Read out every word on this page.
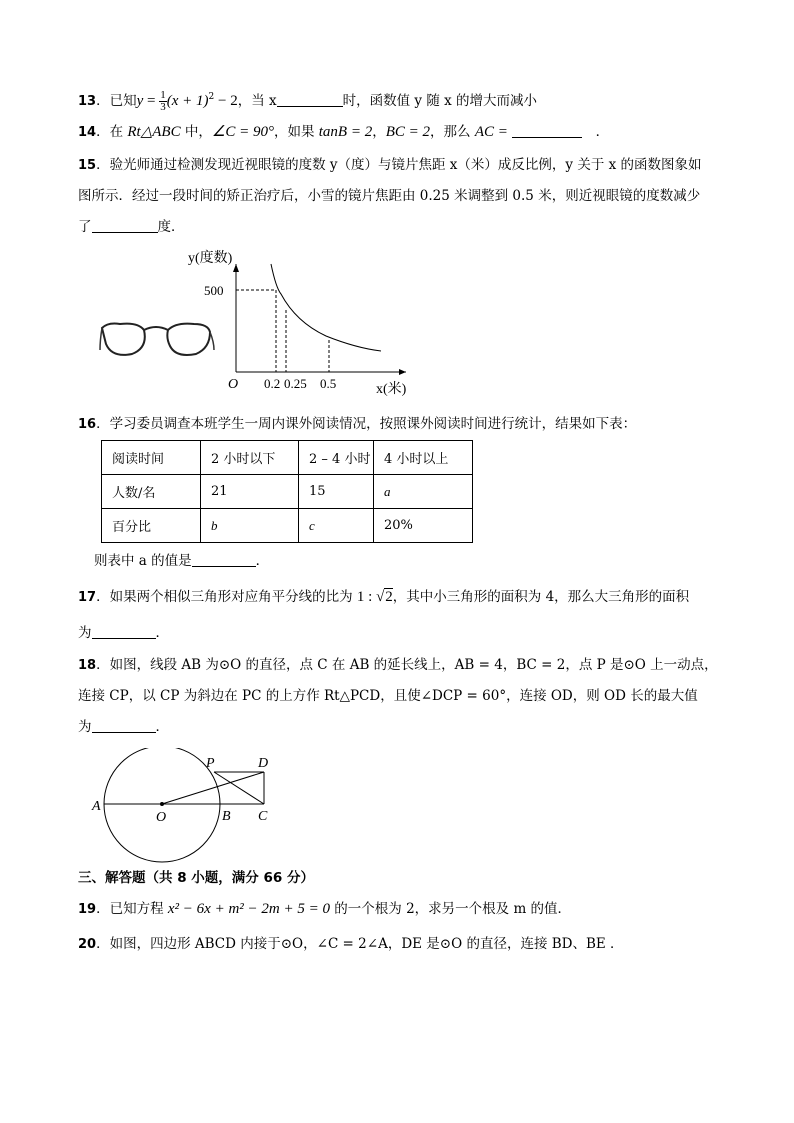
13．已知$y = \frac{1}{3} (x + 1)^2 - 2$，当 x	时，函数值 y 随 x 的增大而减小
14．在 Rt△ABC 中，∠C = 90°，如果 tanB = 2，BC = 2，那么 AC =	．
15．验光师通过检测发现近视眼镜的度数 y（度）与镜片焦距 x（米）成反比例，y 关于 x 的函数图象如
图所示．经过一段时间的矫正治疗后，小雪的镜片焦距由 0.25 米调整到 0.5 米，则近视眼镜的度数减少
了	度．
y(度数)
500
O 0.2 0.25 0.5	x(米)
16．学习委员调查本班学生一周内课外阅读情况，按照课外阅读时间进行统计，结果如下表：
阅读时间	2 小时以下	2 – 4 小时	4 小时以上
人数/名	21	15	a
百分比	b	c	20%
则表中 a 的值是	．
17．如果两个相似三角形对应角平分线的比为 1 : √2，其中小三角形的面积为 4，那么大三角形的面积
为	．
18．如图，线段 AB 为⊙O 的直径，点 C 在 AB 的延长线上，AB = 4，BC = 2，点 P 是⊙O 上一动点，
连接 CP，以 CP 为斜边在 PC 的上方作 Rt△PCD，且使∠DCP = 60°，连接 OD，则 OD 长的最大值
为	．
A
O	B C
P	D
三、解答题（共 8 小题，满分 66 分）
19．已知方程 x² − 6x + m² − 2m + 5 = 0 的一个根为 2，求另一个根及 m 的值．
20．如图，四边形 ABCD 内接于⊙O，∠C = 2∠A，DE 是⊙O 的直径，连接 BD、BE ．
